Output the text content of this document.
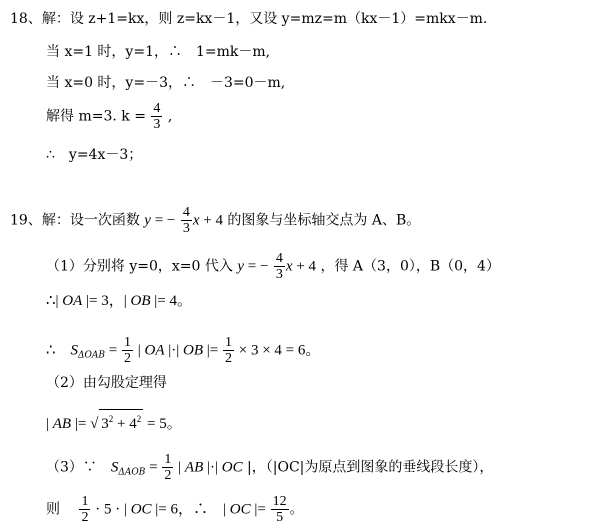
18、解：设 z+1=kx，则 z=kx－1，又设 y=mz=m（kx－1）=mkx－m.
当 x=1 时，y=1，∴　1=mk－m,
当 x=0 时，y=－3，∴　－3=0－m,
解得 m=3. $k = \frac{4}{3}$ ,
∴　y=4x－3；
19、解：设一次函数 y = − $\frac{4}{3}$ x + 4 的图象与坐标轴交点为 A、B。
（1）分别将 y=0，x=0 代入 y = − $\frac{4}{3}$ x + 4 ，得 A（3，0），B（0，4）
∴| OA |= 3，| OB |= 4。
∴　$S_{\Delta OAB} = \frac{1}{2}$ | OA |·| OB |= $\frac{1}{2} \times 3 \times 4 = 6$。
（2）由勾股定理得
| AB |= √ $3^2 + 4^2 = 5$。
（3）∵　$S_{\Delta AOB} = \frac{1}{2}$ | AB |·| OC |，（|OC|为原点到图象的垂线段长度），
则　 $\frac{1}{2} \cdot 5$ · | OC |= 6，∴　| OC |= $\frac{12}{5}$ 。
